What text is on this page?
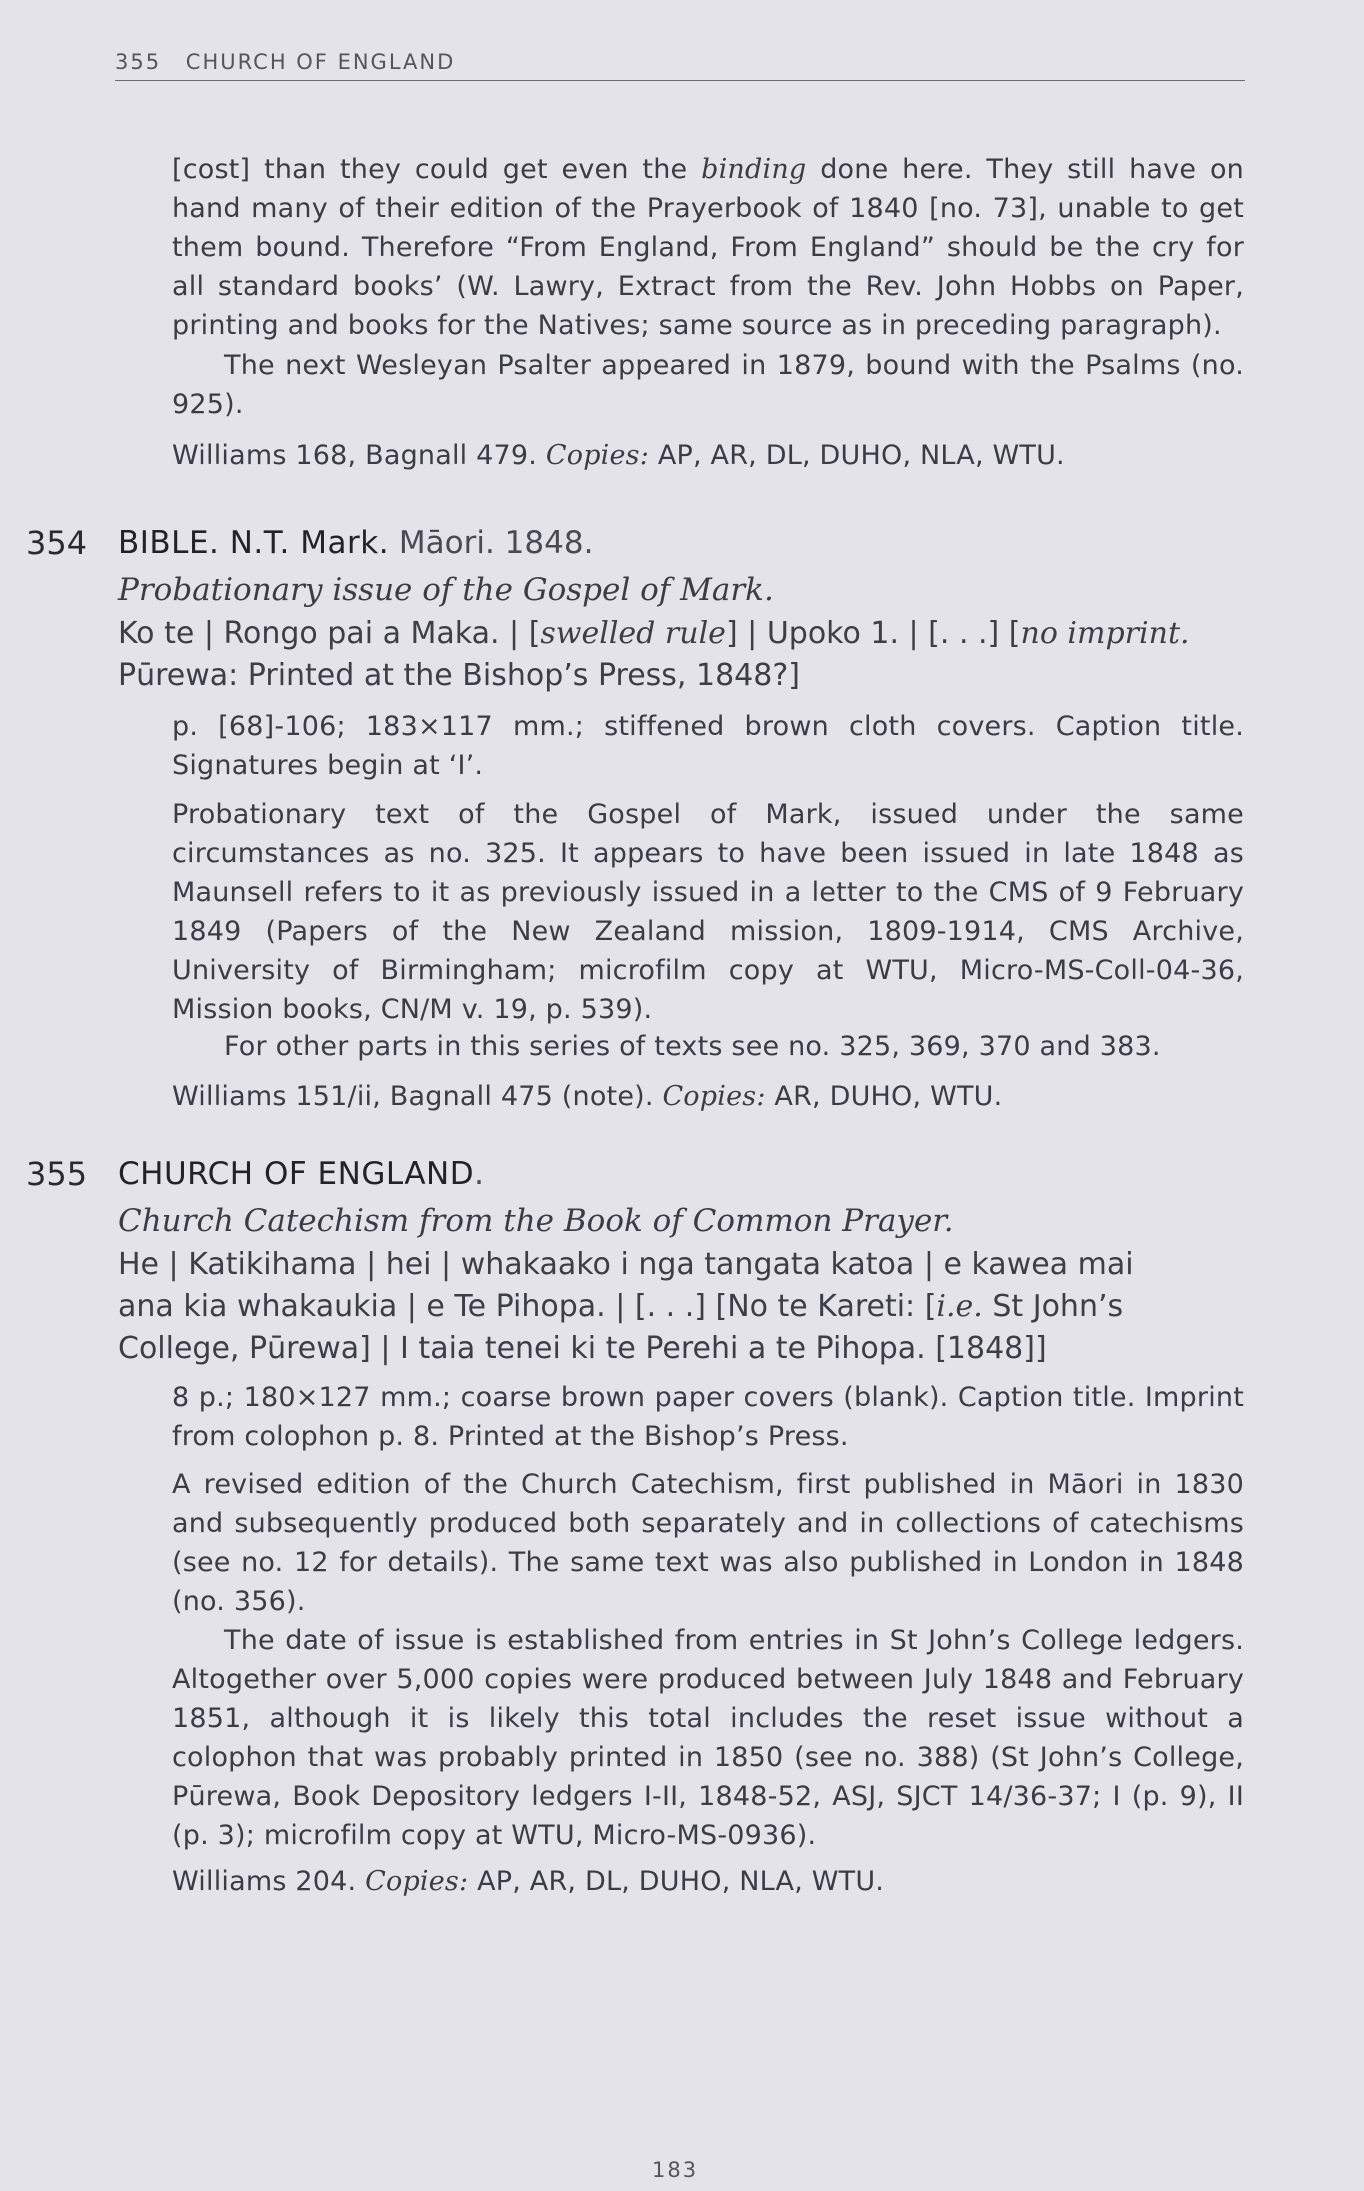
355 CHURCH OF ENGLAND

[cost] than they could get even the binding done here. They still have on hand many of their edition of the Prayerbook of 1840 [no. 73], unable to get them bound. Therefore “From England, From England” should be the cry for all standard books’ (W. Lawry, Extract from the Rev. John Hobbs on Paper, printing and books for the Natives; same source as in preceding paragraph).

The next Wesleyan Psalter appeared in 1879, bound with the Psalms (no. 925).

Williams 168, Bagnall 479. Copies: AP, AR, DL, DUHO, NLA, WTU.

354 BIBLE. N.T. Mark. Māori. 1848.

Probationary issue of the Gospel of Mark.

Ko te | Rongo pai a Maka. | [swelled rule] | Upoko 1. | [. . .] [no imprint. Pūrewa: Printed at the Bishop’s Press, 1848?]

p. [68]-106; 183×117 mm.; stiffened brown cloth covers. Caption title. Signatures begin at ‘I’.

Probationary text of the Gospel of Mark, issued under the same circumstances as no. 325. It appears to have been issued in late 1848 as Maunsell refers to it as previously issued in a letter to the CMS of 9 February 1849 (Papers of the New Zealand mission, 1809-1914, CMS Archive, University of Birmingham; microfilm copy at WTU, Micro-MS-Coll-04-36, Mission books, CN/M v. 19, p. 539).

For other parts in this series of texts see no. 325, 369, 370 and 383.

Williams 151/ii, Bagnall 475 (note). Copies: AR, DUHO, WTU.

355 CHURCH OF ENGLAND.

Church Catechism from the Book of Common Prayer.

He | Katikihama | hei | whakaako i nga tangata katoa | e kawea mai ana kia whakaukia | e Te Pihopa. | [. . .] [No te Kareti: [i.e. St John’s College, Pūrewa] | I taia tenei ki te Perehi a te Pihopa. [1848]]

8 p.; 180×127 mm.; coarse brown paper covers (blank). Caption title. Imprint from colophon p. 8. Printed at the Bishop’s Press.

A revised edition of the Church Catechism, first published in Māori in 1830 and subsequently produced both separately and in collections of catechisms (see no. 12 for details). The same text was also published in London in 1848 (no. 356).

The date of issue is established from entries in St John’s College ledgers. Altogether over 5,000 copies were produced between July 1848 and February 1851, although it is likely this total includes the reset issue without a colophon that was probably printed in 1850 (see no. 388) (St John’s College, Pūrewa, Book Depository ledgers I-II, 1848-52, ASJ, SJCT 14/36-37; I (p. 9), II (p. 3); microfilm copy at WTU, Micro-MS-0936).

Williams 204. Copies: AP, AR, DL, DUHO, NLA, WTU.

183
